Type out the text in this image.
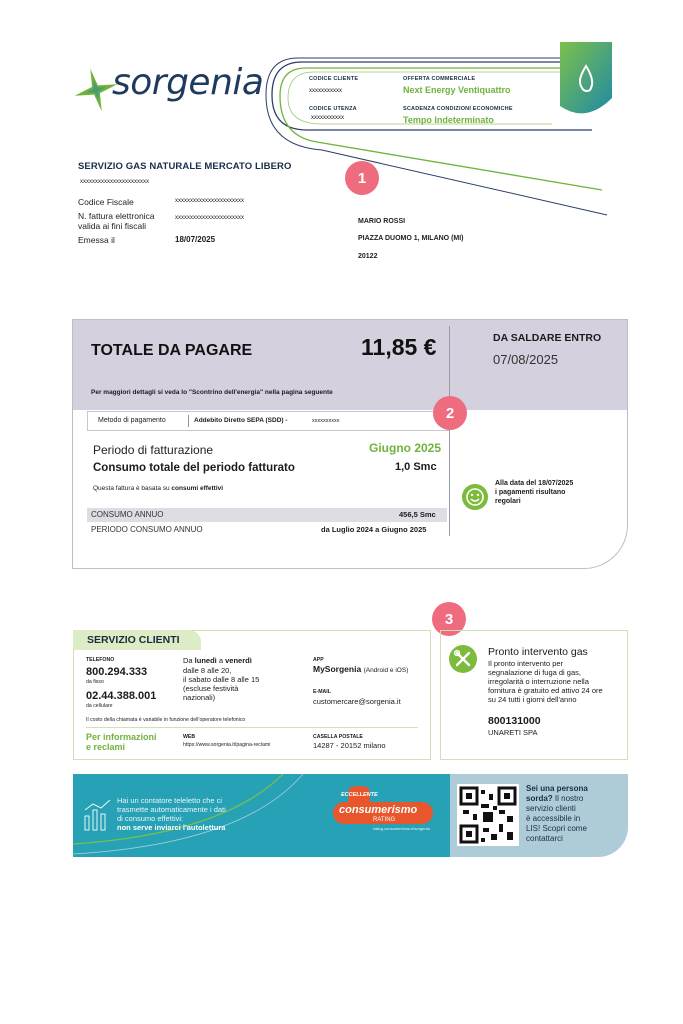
sorgenia	CODICE CLIENTE
xxxxxxxxxxx
CODICE UTENZA
xxxxxxxxxxx
OFFERTA COMMERCIALE
Next Energy Ventiquattro
SCADENZA CONDIZIONI ECONOMICHE
Tempo Indeterminato
SERVIZIO GAS NATURALE MERCATO LIBERO
xxxxxxxxxxxxxxxxxxxxxxx
Codice Fiscale	xxxxxxxxxxxxxxxxxxxxxxx
N. fattura elettronica
valida ai fini fiscali
xxxxxxxxxxxxxxxxxxxxxxx
Emessa il	18/07/2025
1
MARIO ROSSI
PIAZZA DUOMO 1, MILANO (MI)
20122
TOTALE DA PAGARE	11,85 €	DA SALDARE ENTRO
07/08/2025
Per maggiori dettagli si veda lo "Scontrino dell'energia" nella pagina seguente
Metodo di pagamento	Addebito Diretto SEPA (SDD) -	xxxxxxxxxx
Periodo di fatturazione	Giugno 2025
Consumo totale del periodo fatturato	1,0 Smc
Questa fattura è basata su consumi effettivi
CONSUMO ANNUO	456,5 Smc
PERIODO CONSUMO ANNUO	da Luglio 2024 a Giugno 2025
Alla data del 18/07/2025
i pagamenti risultano
regolari
2
3
SERVIZIO CLIENTI
TELEFONO
800.294.333
da fisso
02.44.388.001
da cellulare
Da lunedì a venerdì
dalle 8 alle 20,
il sabato dalle 8 alle 15
(escluse festività
nazionali)
APP
MySorgenia (Android e iOS)
E-MAIL
customercare@sorgenia.it
Il costo della chiamata è variabile in funzione dell'operatore telefonico
Per informazioni
e reclami
WEB
https://www.sorgenia.it/pagina-reclami
CASELLA POSTALE
14287 - 20152 milano
Pronto intervento gas
Il pronto intervento per
segnalazione di fuga di gas,
irregolarità o interruzione nella
fornitura è gratuito ed attivo 24 ore
su 24 tutti i giorni dell'anno
800131000
UNARETI SPA
Hai un contatore teleletto che ci
trasmette automaticamente i dati
di consumo effettivi:
non serve inviarci l'autolettura
ECCELLENTE
consumerismo
RATING
rating.consumerismo.it/sorgenia
Sei una persona
sorda? Il nostro
servizio clienti
è accessibile in
LIS! Scopri come
contattarci
